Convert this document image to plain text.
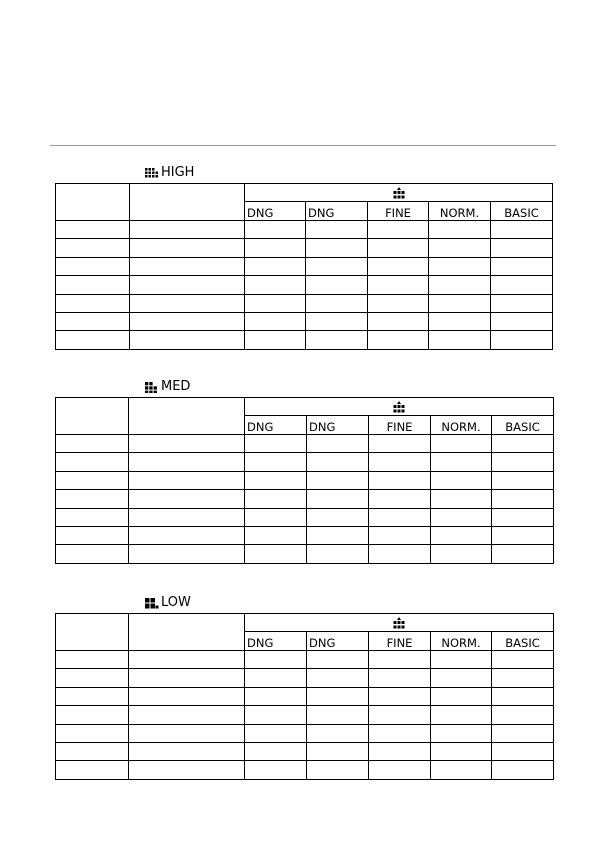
HIGH

		DNG	DNG	FINE	NORM.	BASIC

MED

		DNG	DNG	FINE	NORM.	BASIC

LOW

		DNG	DNG	FINE	NORM.	BASIC
